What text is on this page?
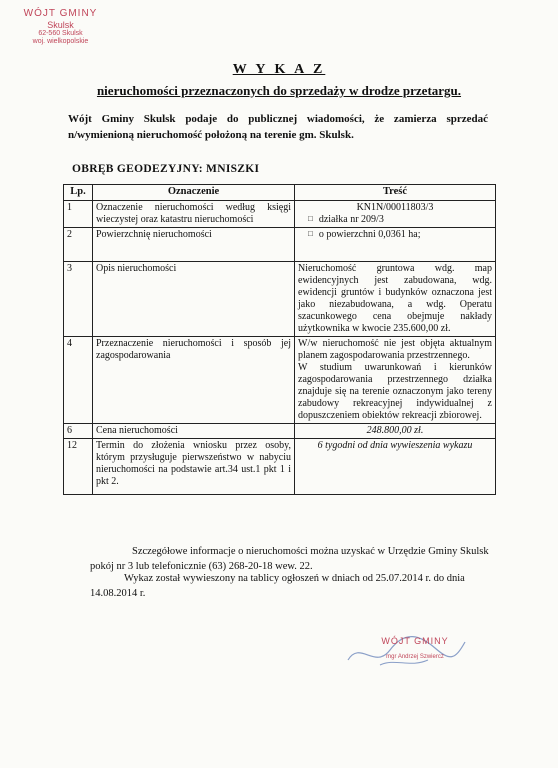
WÓJT GMINY
Skulsk
62-560 Skulsk
woj. wielkopolskie
W Y K A Z
nieruchomości przeznaczonych do sprzedaży w drodze przetargu.
Wójt Gminy Skulsk podaje do publicznej wiadomości, że zamierza sprzedać n/wymienioną nieruchomość położoną na terenie gm. Skulsk.
OBRĘB GEODEZYJNY: MNISZKI
Lp.	Oznaczenie	Treść
1	Oznaczenie nieruchomości według księgi wieczystej oraz katastru nieruchomości	KN1N/00011803/3
□ działka nr 209/3

2	Powierzchnię nieruchomości	□o powierzchni 0,0361 ha;
3	Opis nieruchomości	Nieruchomość gruntowa wdg. map ewidencyjnych jest zabudowana, wdg. ewidencji gruntów i budynków oznaczona jest jako niezabudowana, a wdg. Operatu szacunkowego cena obejmuje nakłady użytkownika w kwocie 235.600,00 zł.
4	Przeznaczenie nieruchomości i sposób jej zagospodarowania	W/w nieruchomość nie jest objęta aktualnym planem zagospodarowania przestrzennego.
W studium uwarunkowań i kierunków zagospodarowania przestrzennego działka znajduje się na terenie oznaczonym jako tereny zabudowy rekreacyjnej indywidualnej z dopuszczeniem obiektów rekreacji zbiorowej.

6	Cena nieruchomości	248.800,00 zł.
12	Termin do złożenia wniosku przez osoby, którym przysługuje pierwszeństwo w nabyciu nieruchomości na podstawie art.34 ust.1 pkt 1 i pkt 2.	6 tygodni od dnia wywieszenia wykazu
Szczegółowe informacje o nieruchomości można uzyskać w Urzędzie Gminy Skulsk pokój nr 3 lub telefonicznie (63) 268-20-18 wew. 22.
Wykaz został wywieszony na tablicy ogłoszeń w dniach od 25.07.2014 r. do dnia 14.08.2014 r.
WÓJT GMINY
mgr Andrzej Szwiercz
